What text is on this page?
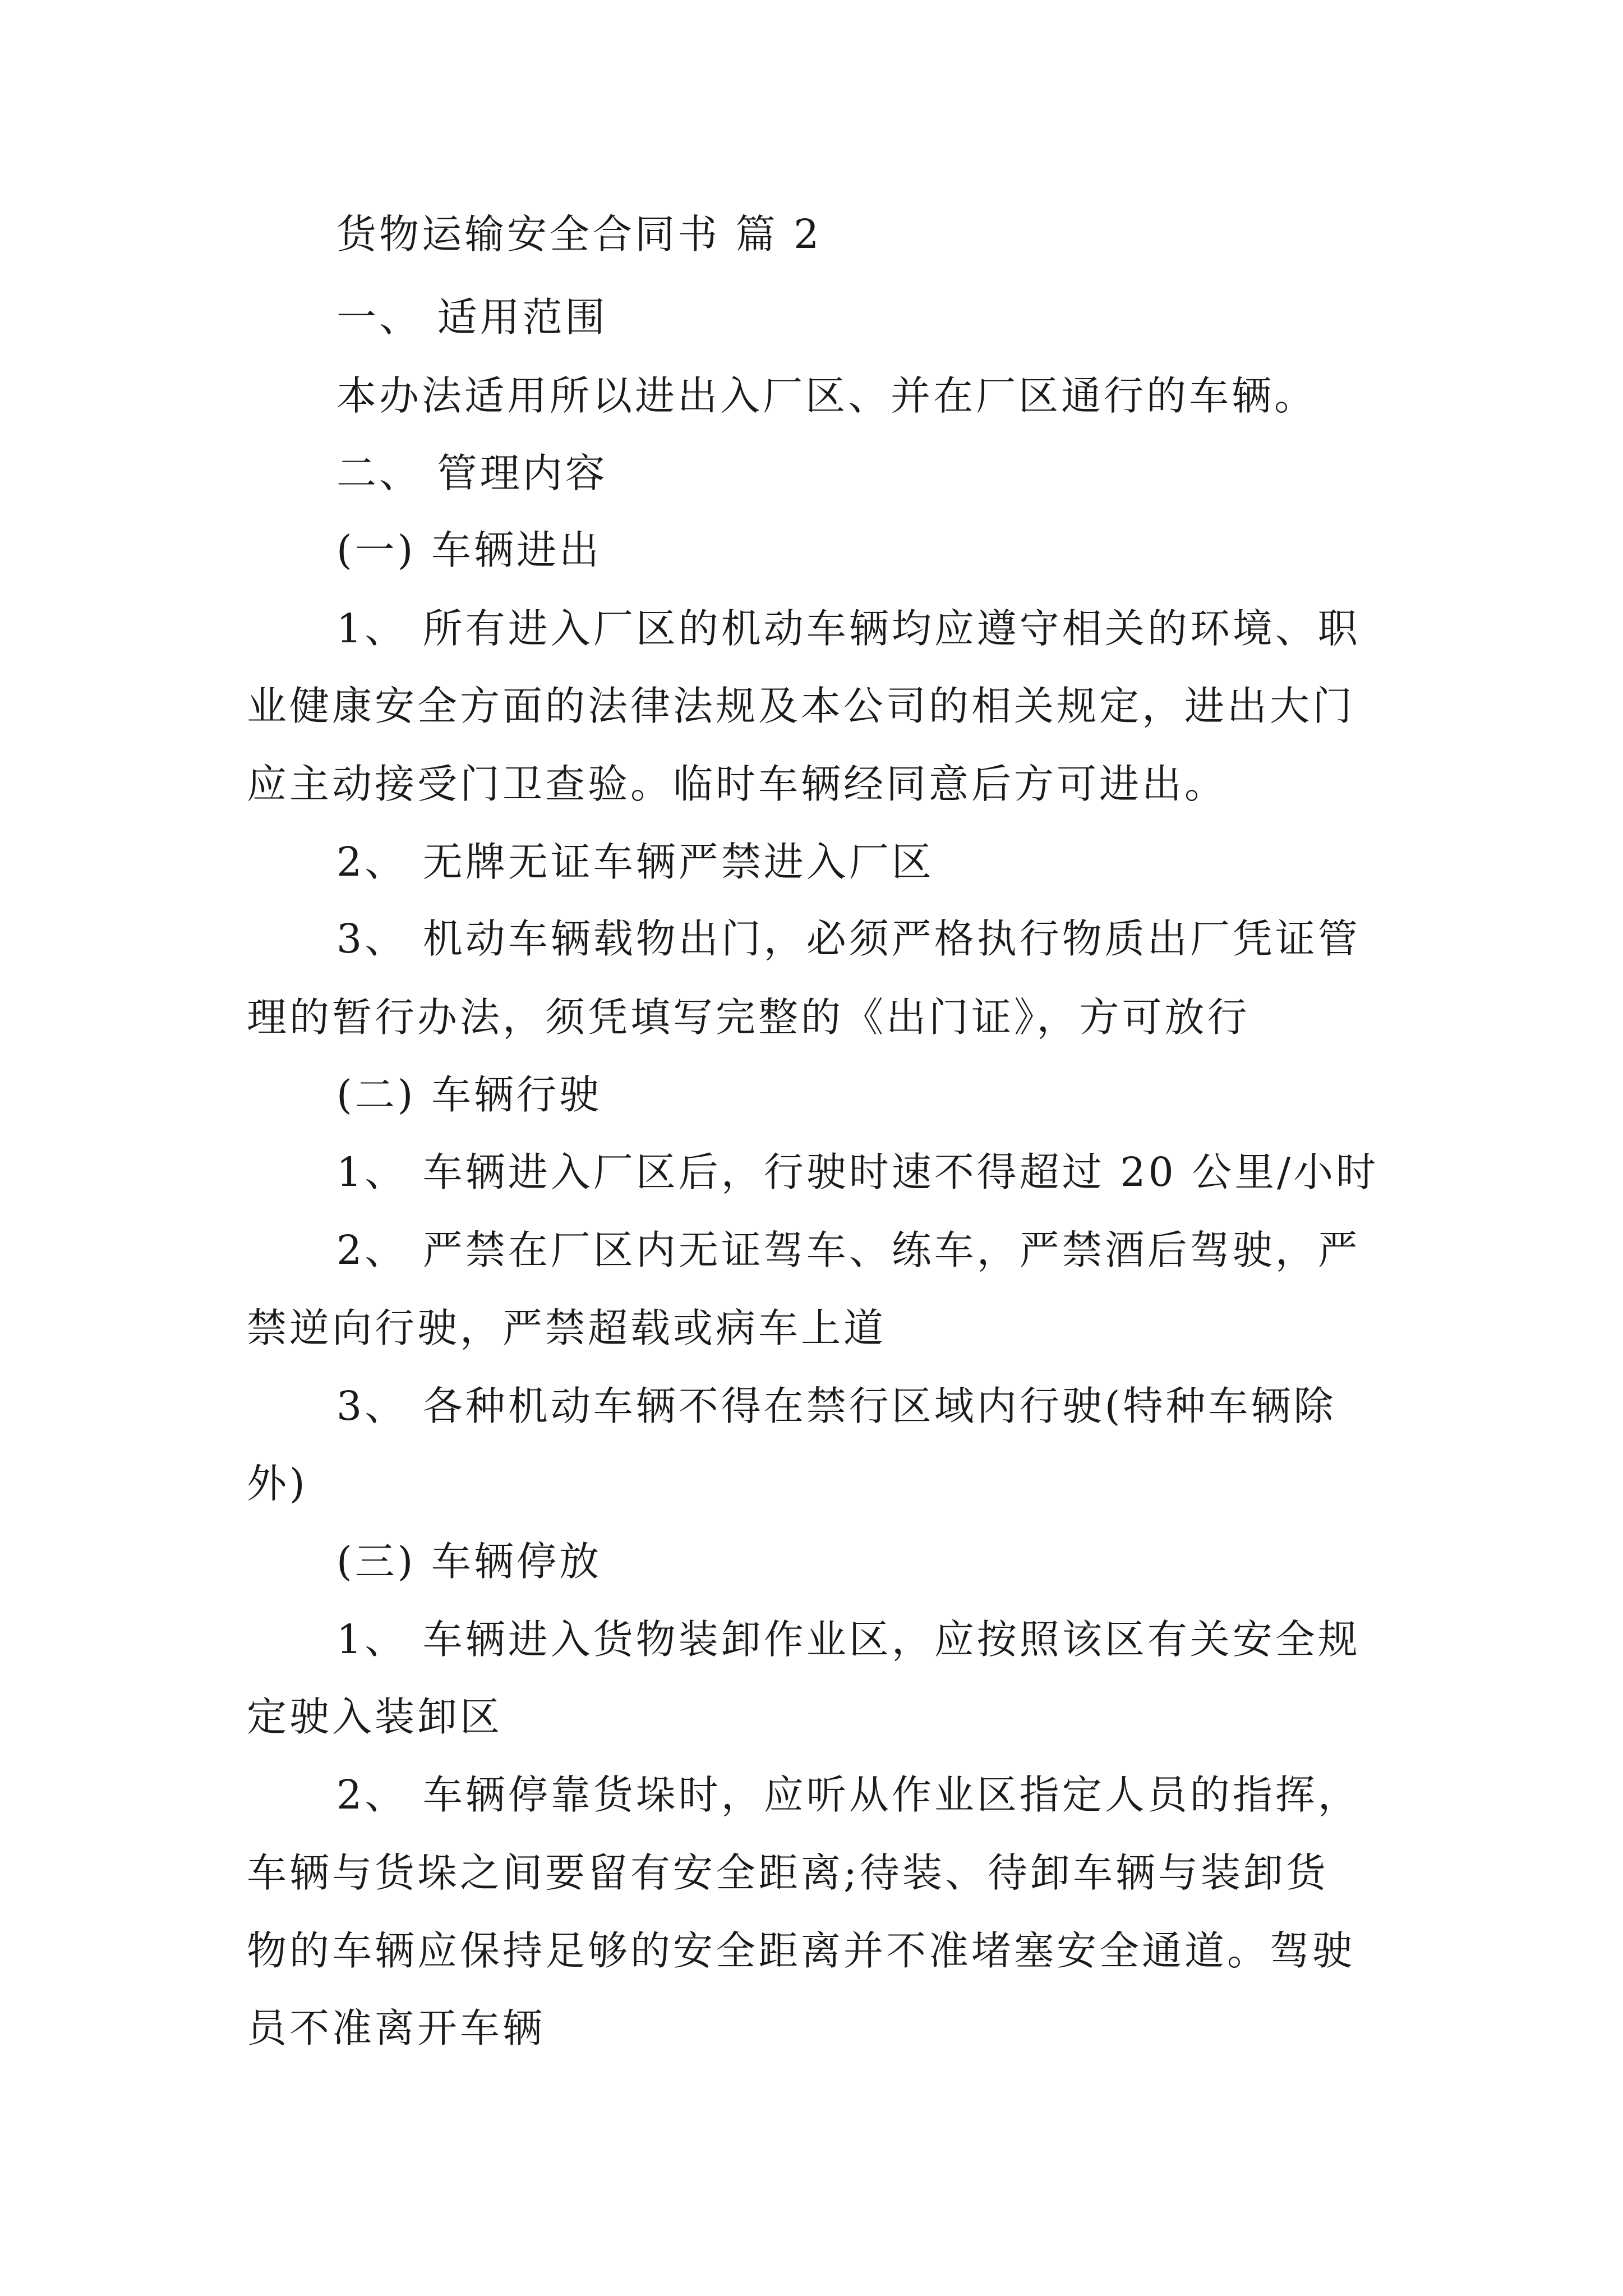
货物运输安全合同书 篇 2

一、 适用范围

本办法适用所以进出入厂区、并在厂区通行的车辆。

二、 管理内容

(一) 车辆进出

1、 所有进入厂区的机动车辆均应遵守相关的环境、职

业健康安全方面的法律法规及本公司的相关规定，进出大门

应主动接受门卫查验。临时车辆经同意后方可进出。

2、 无牌无证车辆严禁进入厂区

3、 机动车辆载物出门，必须严格执行物质出厂凭证管

理的暂行办法，须凭填写完整的《出门证》，方可放行

(二) 车辆行驶

1、 车辆进入厂区后，行驶时速不得超过 20 公里/小时

2、 严禁在厂区内无证驾车、练车，严禁酒后驾驶，严

禁逆向行驶，严禁超载或病车上道

3、 各种机动车辆不得在禁行区域内行驶(特种车辆除

外)

(三) 车辆停放

1、 车辆进入货物装卸作业区，应按照该区有关安全规

定驶入装卸区

2、 车辆停靠货垛时，应听从作业区指定人员的指挥，

车辆与货垛之间要留有安全距离;待装、待卸车辆与装卸货

物的车辆应保持足够的安全距离并不准堵塞安全通道。驾驶

员不准离开车辆
